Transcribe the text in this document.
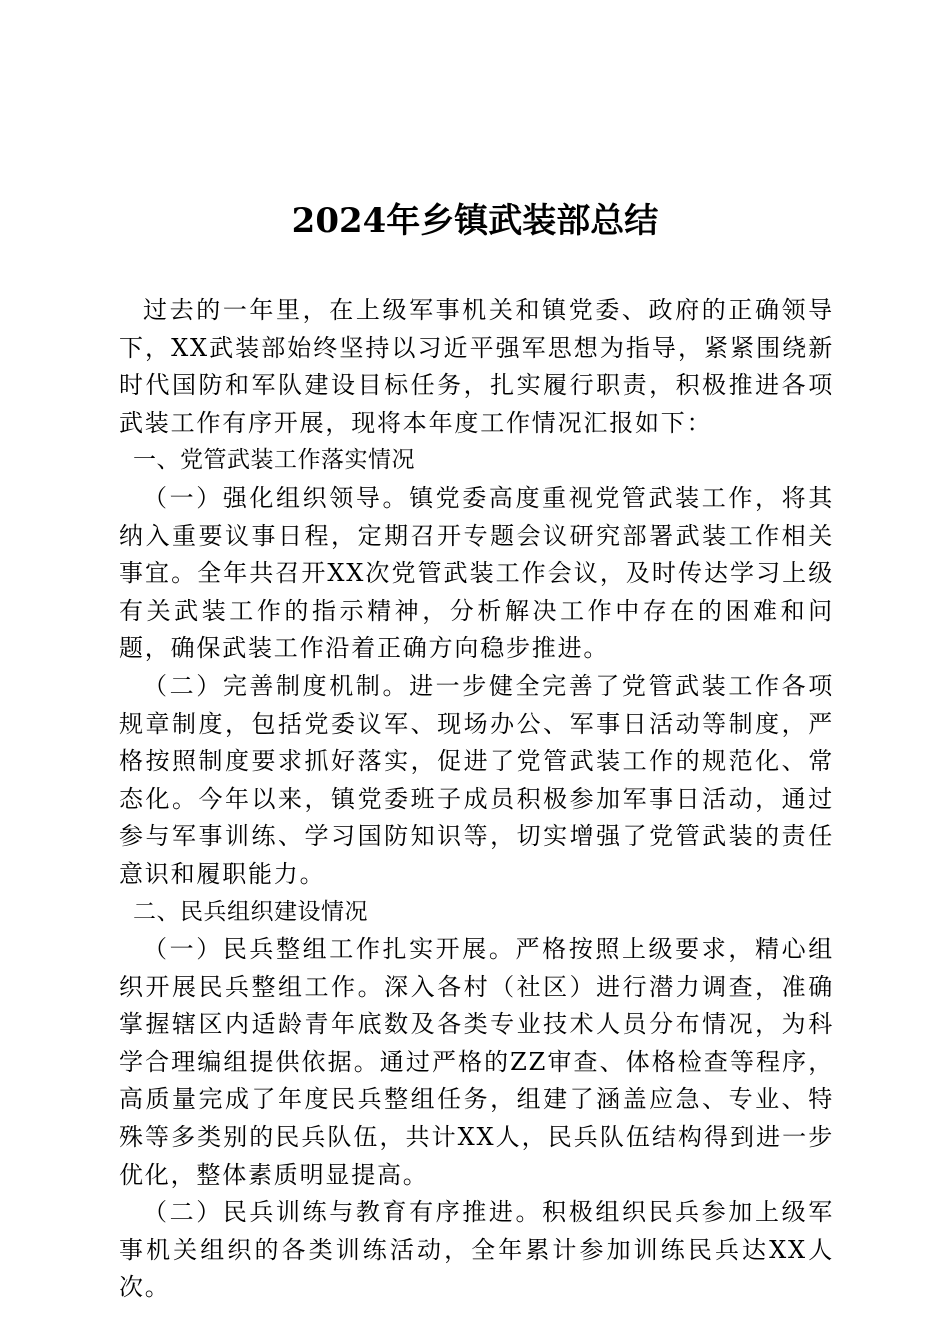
2024年乡镇武装部总结

过去的一年里，在上级军事机关和镇党委、政府的正确领导下，XX武装部始终坚持以习近平强军思想为指导，紧紧围绕新时代国防和军队建设目标任务，扎实履行职责，积极推进各项武装工作有序开展，现将本年度工作情况汇报如下：

一、党管武装工作落实情况

（一）强化组织领导。镇党委高度重视党管武装工作，将其纳入重要议事日程，定期召开专题会议研究部署武装工作相关事宜。全年共召开XX次党管武装工作会议，及时传达学习上级有关武装工作的指示精神，分析解决工作中存在的困难和问题，确保武装工作沿着正确方向稳步推进。

（二）完善制度机制。进一步健全完善了党管武装工作各项规章制度，包括党委议军、现场办公、军事日活动等制度，严格按照制度要求抓好落实，促进了党管武装工作的规范化、常态化。今年以来，镇党委班子成员积极参加军事日活动，通过参与军事训练、学习国防知识等，切实增强了党管武装的责任意识和履职能力。

二、民兵组织建设情况

（一）民兵整组工作扎实开展。严格按照上级要求，精心组织开展民兵整组工作。深入各村（社区）进行潜力调查，准确掌握辖区内适龄青年底数及各类专业技术人员分布情况，为科学合理编组提供依据。通过严格的ZZ审查、体格检查等程序，高质量完成了年度民兵整组任务，组建了涵盖应急、专业、特殊等多类别的民兵队伍，共计XX人，民兵队伍结构得到进一步优化，整体素质明显提高。

（二）民兵训练与教育有序推进。积极组织民兵参加上级军事机关组织的各类训练活动，全年累计参加训练民兵达XX人次。
